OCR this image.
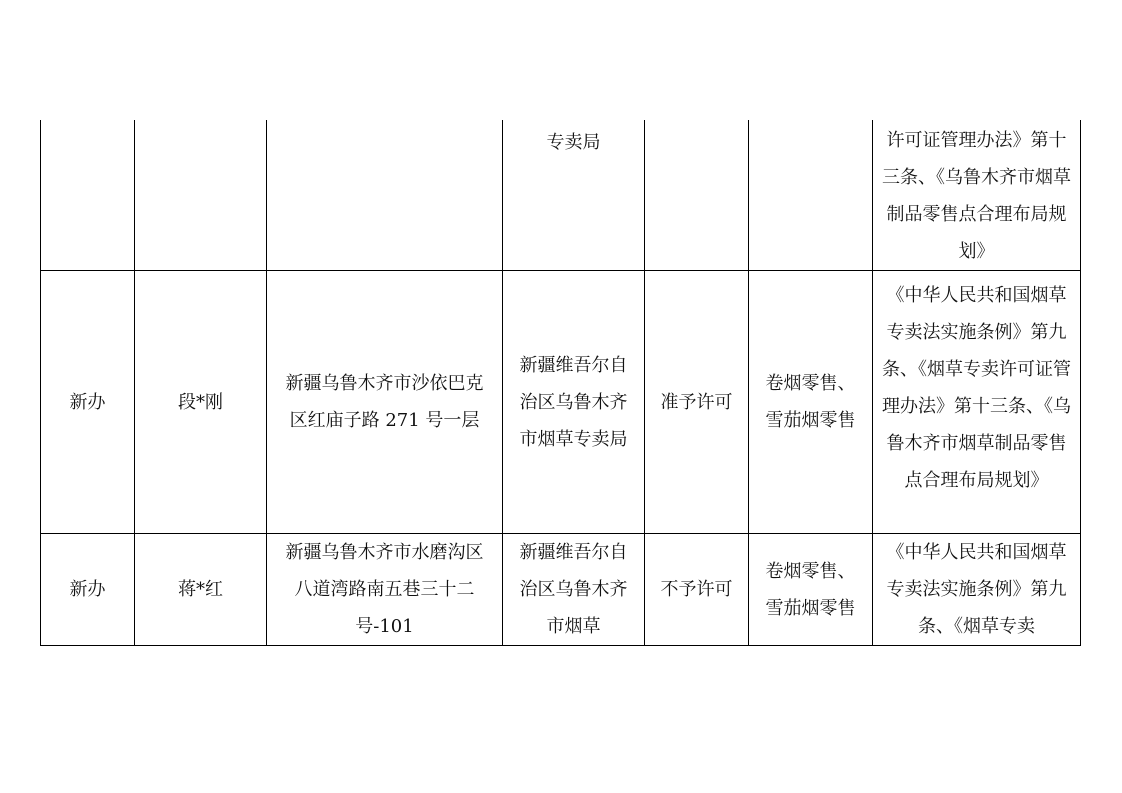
			专卖局			许可证管理办法》第十三条、《乌鲁木齐市烟草制品零售点合理布局规划》
新办	段*刚	新疆乌鲁木齐市沙依巴克区红庙子路 271 号一层	新疆维吾尔自治区乌鲁木齐市烟草专卖局	准予许可	卷烟零售、雪茄烟零售	《中华人民共和国烟草专卖法实施条例》第九条、《烟草专卖许可证管理办法》第十三条、《乌鲁木齐市烟草制品零售点合理布局规划》
新办	蒋*红	新疆乌鲁木齐市水磨沟区八道湾路南五巷三十二号-101	新疆维吾尔自治区乌鲁木齐市烟草	不予许可	卷烟零售、雪茄烟零售	《中华人民共和国烟草专卖法实施条例》第九条、《烟草专卖
